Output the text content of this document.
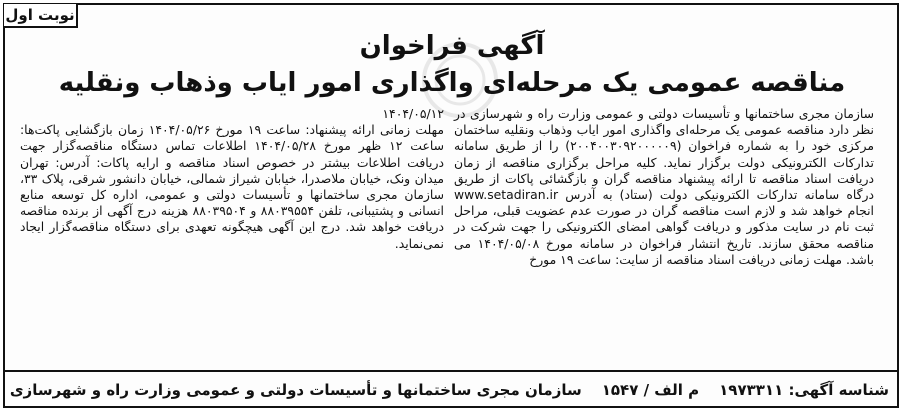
نوبت اول
آگهی فراخوان
مناقصه عمومی یک مرحله‌ای واگذاری امور ایاب وذهاب ونقلیه

سازمان مجری ساختمانها و تأسیسات دولتی و عمومی وزارت راه و شهرسازی در نظر دارد مناقصه عمومی یک مرحله‌ای واگذاری امور ایاب وذهاب ونقلیه ساختمان مرکزی خود را به شماره فراخوان (۲۰۰۴۰۰۳۰۹۲۰۰۰۰۰۹) را از طریق سامانه تدارکات الکترونیکی دولت برگزار نماید. کلیه مراحل برگزاری مناقصه از زمان دریافت اسناد مناقصه تا ارائه پیشنهاد مناقصه گران و بازگشائی پاکات از طریق درگاه سامانه تدارکات الکترونیکی دولت (ستاد) به آدرس www.setadiran.ir انجام خواهد شد و لازم است مناقصه گران در صورت عدم عضویت قبلی، مراحل ثبت نام در سایت مذکور و دریافت گواهی امضای الکترونیکی را جهت شرکت در مناقصه محقق سازند. تاریخ انتشار فراخوان در سامانه مورخ ۱۴۰۴/۰۵/۰۸ می باشد. مهلت زمانی دریافت اسناد مناقصه از سایت: ساعت ۱۹ مورخ

۱۴۰۴/۰۵/۱۲

مهلت زمانی ارائه پیشنهاد: ساعت ۱۹ مورخ ۱۴۰۴/۰۵/۲۶ زمان بازگشایی پاکت‌ها: ساعت ۱۲ ظهر مورخ ۱۴۰۴/۰۵/۲۸ اطلاعات تماس دستگاه مناقصه‌گزار جهت دریافت اطلاعات بیشتر در خصوص اسناد مناقصه و ارایه پاکات: آدرس: تهران میدان ونک، خیابان ملاصدرا، خیابان شیراز شمالی، خیابان دانشور شرقی، پلاک ۳۳، سازمان مجری ساختمانها و تأسیسات دولتی و عمومی، اداره کل توسعه منابع انسانی و پشتیبانی، تلفن ۸۸۰۳۹۵۵۴ و ۸۸۰۳۹۵۰۴ هزینه درج آگهی از برنده مناقصه دریافت خواهد شد. درج این آگهی هیچگونه تعهدی برای دستگاه مناقصه‌گزار ایجاد نمی‌نماید.

شناسه آگهی: ۱۹۷۳۳۱۱
م الف / ۱۵۴۷
سازمان مجری ساختمانها و تأسیسات دولتی و عمومی وزارت راه و شهرسازی
